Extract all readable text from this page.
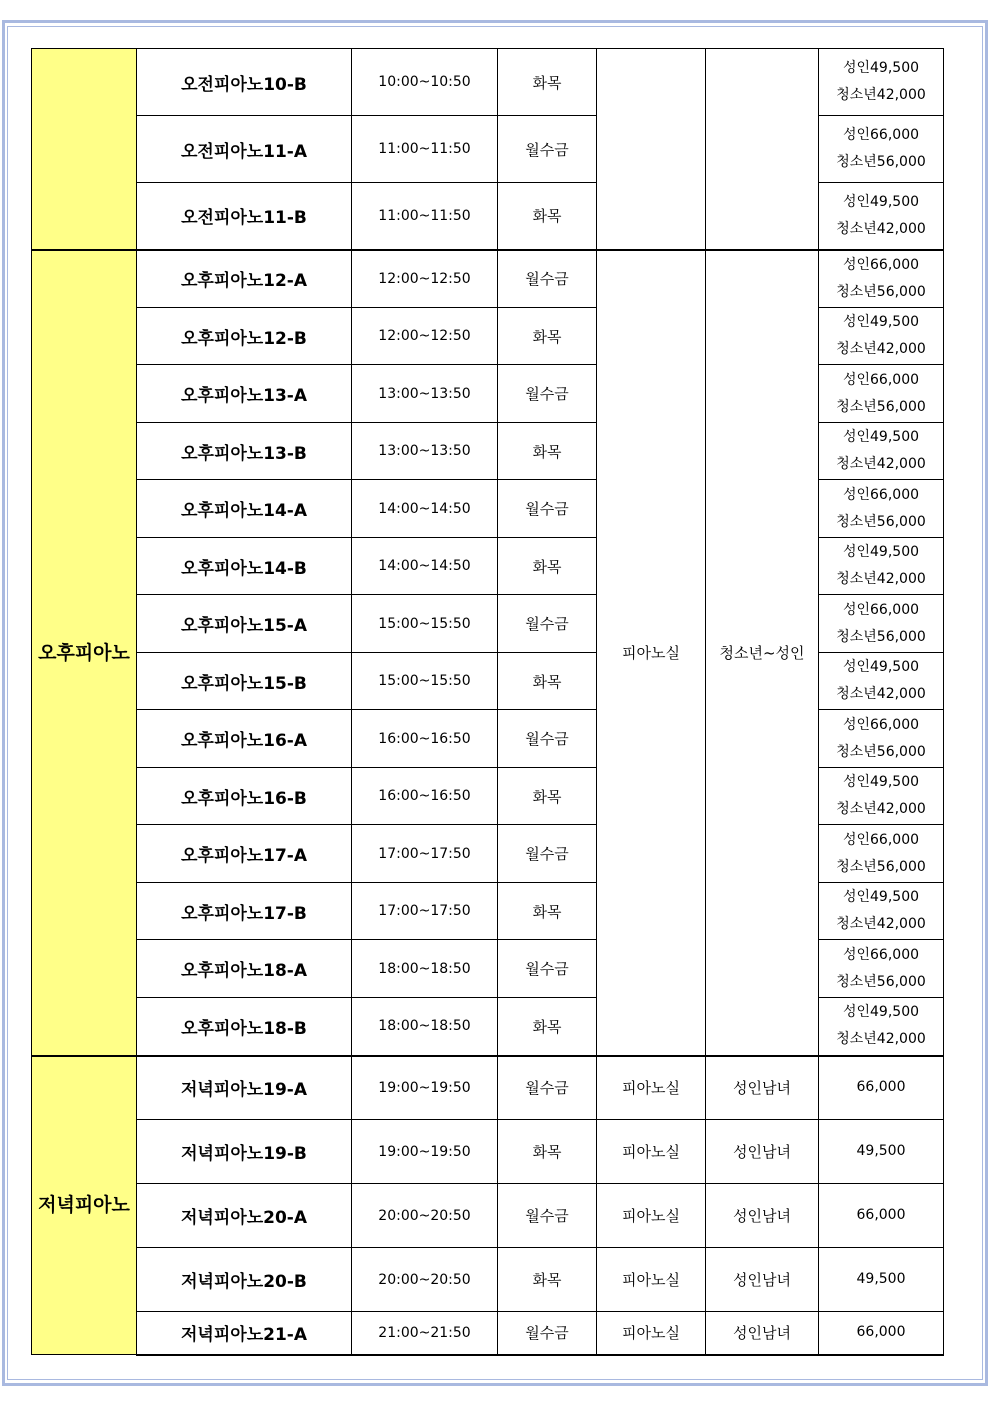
	오전피아노10-B	10:00~10:50	화목			성인49,500
청소년42,000

	오전피아노11-A	11:00~11:50	월수금			성인66,000
청소년56,000

	오전피아노11-B	11:00~11:50	화목			성인49,500
청소년42,000

오후피아노	오후피아노12-A	12:00~12:50	월수금	피아노실	청소년~성인	성인66,000
청소년56,000

	오후피아노12-B	12:00~12:50	화목			성인49,500
청소년42,000

	오후피아노13-A	13:00~13:50	월수금			성인66,000
청소년56,000

	오후피아노13-B	13:00~13:50	화목			성인49,500
청소년42,000

	오후피아노14-A	14:00~14:50	월수금			성인66,000
청소년56,000

	오후피아노14-B	14:00~14:50	화목			성인49,500
청소년42,000

	오후피아노15-A	15:00~15:50	월수금			성인66,000
청소년56,000

	오후피아노15-B	15:00~15:50	화목			성인49,500
청소년42,000

	오후피아노16-A	16:00~16:50	월수금			성인66,000
청소년56,000

	오후피아노16-B	16:00~16:50	화목			성인49,500
청소년42,000

	오후피아노17-A	17:00~17:50	월수금			성인66,000
청소년56,000

	오후피아노17-B	17:00~17:50	화목			성인49,500
청소년42,000

	오후피아노18-A	18:00~18:50	월수금			성인66,000
청소년56,000

	오후피아노18-B	18:00~18:50	화목			성인49,500
청소년42,000

저녁피아노	저녁피아노19-A	19:00~19:50	월수금	피아노실	성인남녀	66,000
	저녁피아노19-B	19:00~19:50	화목	피아노실	성인남녀	49,500
	저녁피아노20-A	20:00~20:50	월수금	피아노실	성인남녀	66,000
	저녁피아노20-B	20:00~20:50	화목	피아노실	성인남녀	49,500
	저녁피아노21-A	21:00~21:50	월수금	피아노실	성인남녀	66,000
